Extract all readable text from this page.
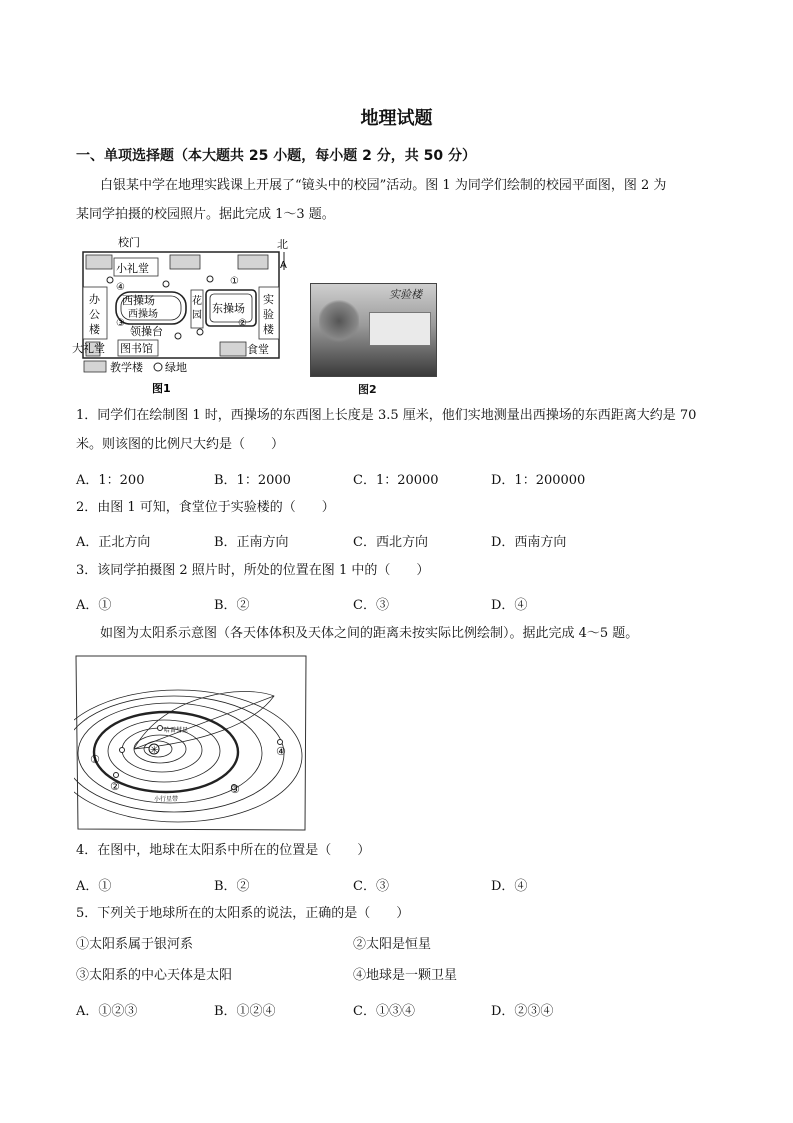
地理试题
一、单项选择题（本大题共 25 小题，每小题 2 分，共 50 分）
白银某中学在地理实践课上开展了“镜头中的校园”活动。图 1 为同学们绘制的校园平面图，图 2 为
某同学拍摄的校园照片。据此完成 1～3 题。
校门	北
A
小礼堂
西操场
西操场
花
园
东操场
办
公
楼
实
验
楼
领操台
大礼堂 图书馆	食堂
教学楼 绿地
④
③
①
②
图1
实验楼
图2
1．同学们在绘制图 1 时，西操场的东西图上长度是 3.5 厘米，他们实地测量出西操场的东西距离大约是 70
米。则该图的比例尺大约是（　　）
A．1：200	B．1：2000	C．1：20000	D．1：200000
2．由图 1 可知，食堂位于实验楼的（　　）
A．正北方向	B．正南方向	C．西北方向	D．西南方向
3．该同学拍摄图 2 照片时，所处的位置在图 1 中的（　　）
A．①	B．②	C．③	D．④
如图为太阳系示意图（各天体体积及天体之间的距离未按实际比例绘制）。据此完成 4～5 题。
✳
哈雷彗星
小行星带
①
②	③
④
4．在图中，地球在太阳系中所在的位置是（　　）
A．①	B．②	C．③	D．④
5．下列关于地球所在的太阳系的说法，正确的是（　　）
①太阳系属于银河系	②太阳是恒星
③太阳系的中心天体是太阳	④地球是一颗卫星
A．①②③	B．①②④	C．①③④	D．②③④
